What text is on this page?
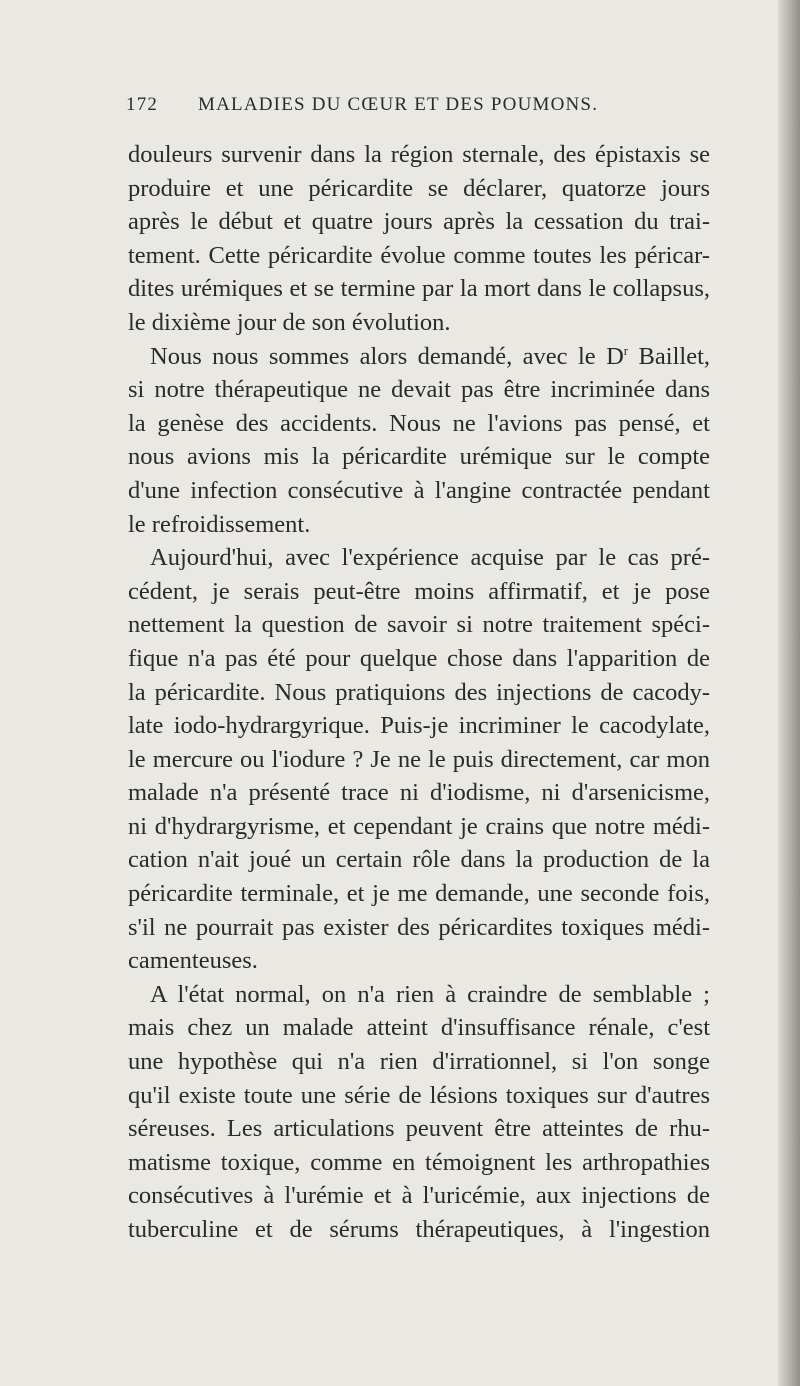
172 MALADIES DU CŒUR ET DES POUMONS.
douleurs survenir dans la région sternale, des épistaxis se
produire et une péricardite se déclarer, quatorze jours
après le début et quatre jours après la cessation du trai-
tement. Cette péricardite évolue comme toutes les péricar-
dites urémiques et se termine par la mort dans le collapsus,
le dixième jour de son évolution.
Nous nous sommes alors demandé, avec le $D^r$ Baillet,
si notre thérapeutique ne devait pas être incriminée dans
la genèse des accidents. Nous ne l'avions pas pensé, et
nous avions mis la péricardite urémique sur le compte
d'une infection consécutive à l'angine contractée pendant
le refroidissement.
Aujourd'hui, avec l'expérience acquise par le cas pré-
cédent, je serais peut-être moins affirmatif, et je pose
nettement la question de savoir si notre traitement spéci-
fique n'a pas été pour quelque chose dans l'apparition de
la péricardite. Nous pratiquions des injections de cacody-
late iodo-hydrargyrique. Puis-je incriminer le cacodylate,
le mercure ou l'iodure ? Je ne le puis directement, car mon
malade n'a présenté trace ni d'iodisme, ni d'arsenicisme,
ni d'hydrargyrisme, et cependant je crains que notre médi-
cation n'ait joué un certain rôle dans la production de la
péricardite terminale, et je me demande, une seconde fois,
s'il ne pourrait pas exister des péricardites toxiques médi-
camenteuses.
A l'état normal, on n'a rien à craindre de semblable ;
mais chez un malade atteint d'insuffisance rénale, c'est
une hypothèse qui n'a rien d'irrationnel, si l'on songe
qu'il existe toute une série de lésions toxiques sur d'autres
séreuses. Les articulations peuvent être atteintes de rhu-
matisme toxique, comme en témoignent les arthropathies
consécutives à l'urémie et à l'uricémie, aux injections de
tuberculine et de sérums thérapeutiques, à l'ingestion
